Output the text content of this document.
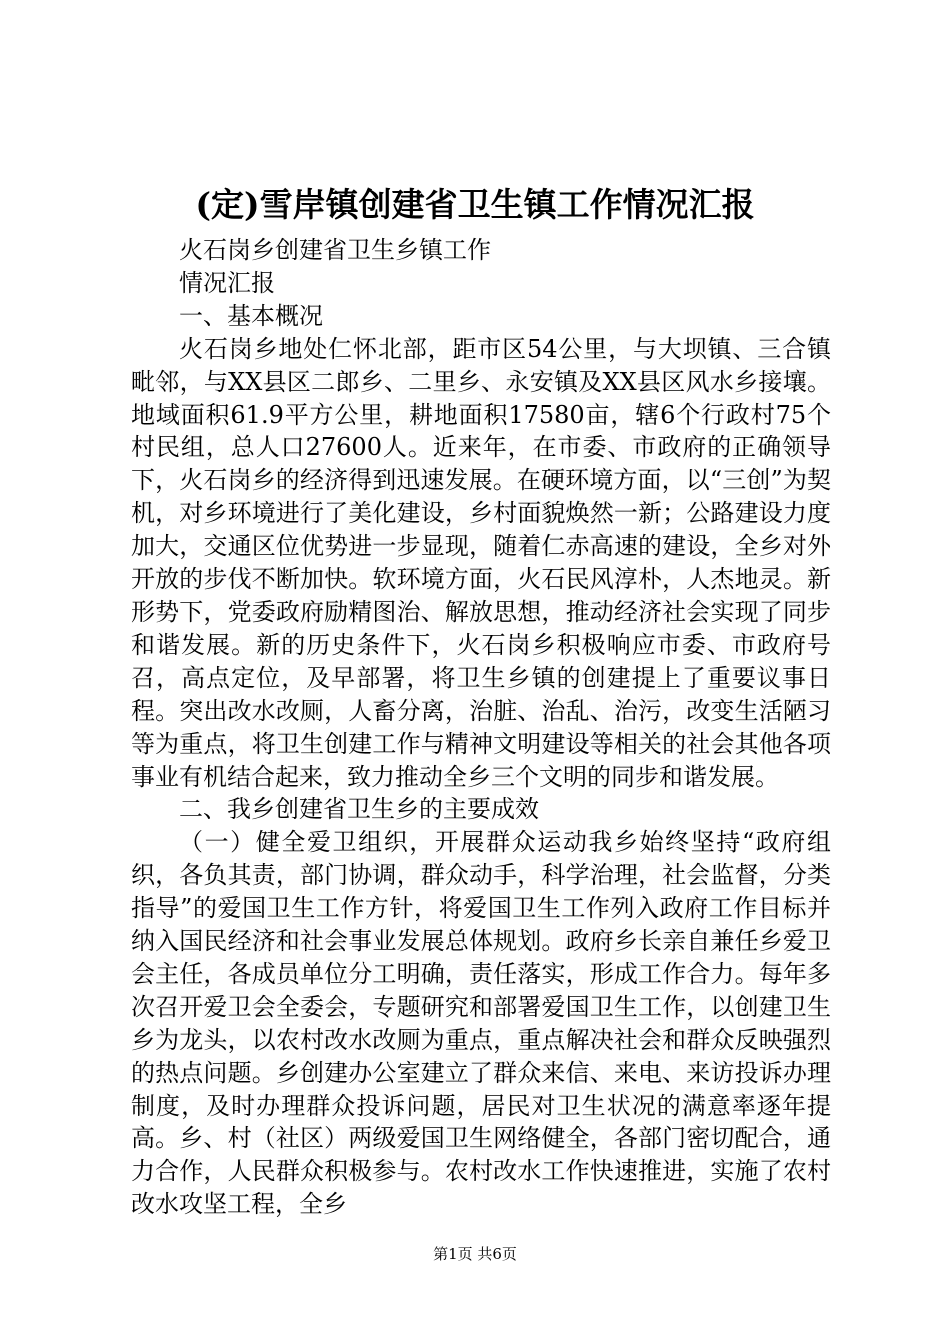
(定)雪岸镇创建省卫生镇工作情况汇报

火石岗乡创建省卫生乡镇工作

情况汇报

一、基本概况

火石岗乡地处仁怀北部，距市区54公里，与大坝镇、三合镇毗邻，与XX县区二郎乡、二里乡、永安镇及XX县区风水乡接壤。地域面积61.9平方公里，耕地面积17580亩，辖6个行政村75个村民组，总人口27600人。近来年，在市委、市政府的正确领导下，火石岗乡的经济得到迅速发展。在硬环境方面，以“三创”为契机，对乡环境进行了美化建设，乡村面貌焕然一新；公路建设力度加大，交通区位优势进一步显现，随着仁赤高速的建设，全乡对外开放的步伐不断加快。软环境方面，火石民风淳朴，人杰地灵。新形势下，党委政府励精图治、解放思想，推动经济社会实现了同步和谐发展。新的历史条件下，火石岗乡积极响应市委、市政府号召，高点定位，及早部署，将卫生乡镇的创建提上了重要议事日程。突出改水改厕，人畜分离，治脏、治乱、治污，改变生活陋习等为重点，将卫生创建工作与精神文明建设等相关的社会其他各项事业有机结合起来，致力推动全乡三个文明的同步和谐发展。

二、我乡创建省卫生乡的主要成效

（一）健全爱卫组织，开展群众运动我乡始终坚持“政府组织，各负其责，部门协调，群众动手，科学治理，社会监督，分类指导”的爱国卫生工作方针，将爱国卫生工作列入政府工作目标并纳入国民经济和社会事业发展总体规划。政府乡长亲自兼任乡爱卫会主任，各成员单位分工明确，责任落实，形成工作合力。每年多次召开爱卫会全委会，专题研究和部署爱国卫生工作，以创建卫生乡为龙头，以农村改水改厕为重点，重点解决社会和群众反映强烈的热点问题。乡创建办公室建立了群众来信、来电、来访投诉办理制度，及时办理群众投诉问题，居民对卫生状况的满意率逐年提高。乡、村（社区）两级爱国卫生网络健全，各部门密切配合，通力合作，人民群众积极参与。农村改水工作快速推进，实施了农村改水攻坚工程，全乡

第1页 共6页
